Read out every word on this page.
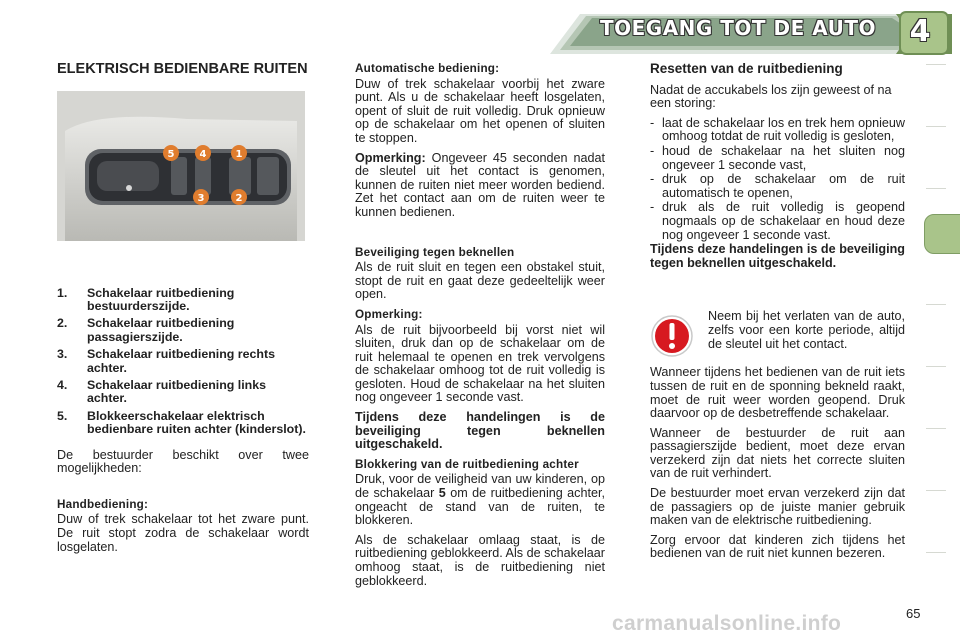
TOEGANG TOT DE AUTO	4
ELEKTRISCH BEDIENBARE RUITEN
5	4	1
3	2
1.	Schakelaar ruitbediening bestuurderszijde.
2.	Schakelaar ruitbediening passagierszijde.
3.	Schakelaar ruitbediening rechts achter.
4.	Schakelaar ruitbediening links achter.
5.	Blokkeerschakelaar elektrisch bedienbare ruiten achter (kinderslot).

De bestuurder beschikt over twee mogelijkheden:

Handbediening:

Duw of trek schakelaar tot het zware punt. De ruit stopt zodra de schakelaar wordt losgelaten.

Automatische bediening:

Duw of trek schakelaar voorbij het zware punt. Als u de schakelaar heeft losgelaten, opent of sluit de ruit volledig. Druk opnieuw op de schakelaar om het openen of sluiten te stoppen.

Opmerking: Ongeveer 45 seconden nadat de sleutel uit het contact is genomen, kunnen de ruiten niet meer worden bediend. Zet het contact aan om de ruiten weer te kunnen bedienen.

Beveiliging tegen beknellen

Als de ruit sluit en tegen een obstakel stuit, stopt de ruit en gaat deze gedeeltelijk weer open.

Opmerking:

Als de ruit bijvoorbeeld bij vorst niet wil sluiten, druk dan op de schakelaar om de ruit helemaal te openen en trek vervolgens de schakelaar omhoog tot de ruit volledig is gesloten. Houd de schakelaar na het sluiten nog ongeveer 1 seconde vast.

Tijdens deze handelingen is de beveiliging tegen beknellen uitgeschakeld.

Blokkering van de ruitbediening achter

Druk, voor de veiligheid van uw kinderen, op de schakelaar 5 om de ruitbediening achter, ongeacht de stand van de ruiten, te blokkeren.

Als de schakelaar omlaag staat, is de ruitbediening geblokkeerd. Als de schakelaar omhoog staat, is de ruitbediening niet geblokkeerd.

Resetten van de ruitbediening

Nadat de accukabels los zijn geweest of na een storing:

- laat de schakelaar los en trek hem opnieuw omhoog totdat de ruit volledig is gesloten,
- houd de schakelaar na het sluiten nog ongeveer 1 seconde vast,
- druk op de schakelaar om de ruit automatisch te openen,
- druk als de ruit volledig is geopend nogmaals op de schakelaar en houd deze nog ongeveer 1 seconde vast.

Tijdens deze handelingen is de beveiliging tegen beknellen uitgeschakeld.

Neem bij het verlaten van de auto, zelfs voor een korte periode, altijd de sleutel uit het contact.

Wanneer tijdens het bedienen van de ruit iets tussen de ruit en de sponning bekneld raakt, moet de ruit weer worden geopend. Druk daarvoor op de desbetreffende schakelaar.

Wanneer de bestuurder de ruit aan passagierszijde bedient, moet deze ervan verzekerd zijn dat niets het correcte sluiten van de ruit verhindert.

De bestuurder moet ervan verzekerd zijn dat de passagiers op de juiste manier gebruik maken van de elektrische ruitbediening.

Zorg ervoor dat kinderen zich tijdens het bedienen van de ruit niet kunnen bezeren.

carmanualsonline.info	65
